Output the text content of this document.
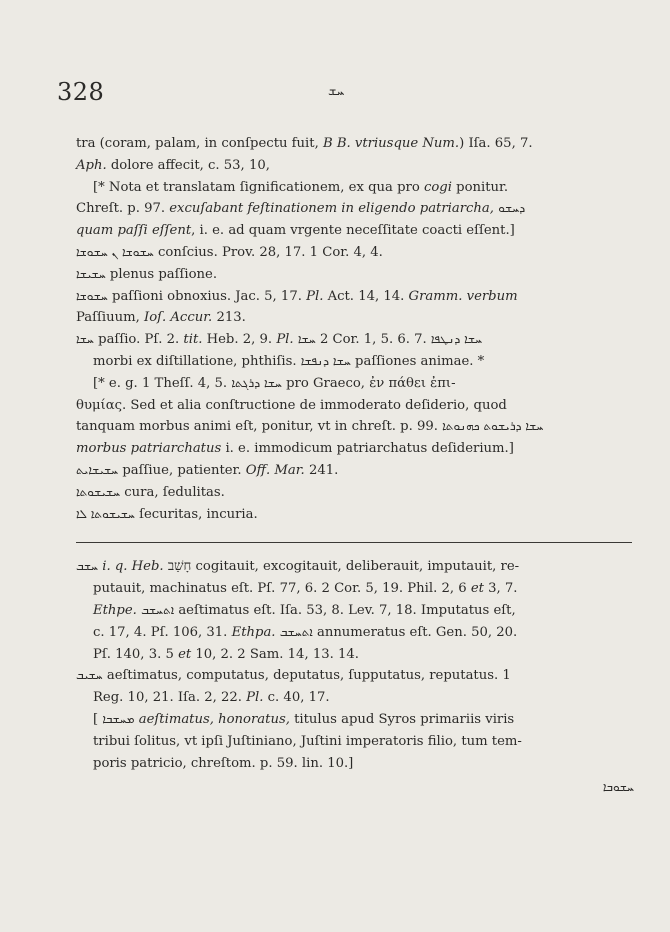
328	ܚܫ

tra (coram, palam, in conſpectu fuit, B B. vtriusque Num.) Iſa. 65, 7.

Aph. dolore affecit, c. 53, 10,

[* Nota et translatam ſignificationem, ex qua pro cogi ponitur.

Chreſt. p. 97. excuſabant feſtinationem in eligendo patriarcha, ܕܚܫܘ

quam paſſi eſſent, i. e. ad quam vrgente neceſſitate coacti eſſent.]

ܚܫܘܫܐ ܢ ܚܫܘܫܐ conſcius. Prov. 28, 17. 1 Cor. 4, 4.

ܚܫܝܫܐ plenus paſſione.

ܚܫܘܫܐ paſſioni obnoxius. Jac. 5, 17. Pl. Act. 14, 14. Gramm. verbum

Paſſiuum, Ioſ. Accur. 213.

ܚܫܐ paſſio. Pſ. 2. tit. Heb. 2, 9. Pl. ܚܫܐ 2 Cor. 1, 5. 6. 7. ܚܫܐ ܕܢܛܦܐ

morbi ex diſtillatione, phthiſis. ܚܫܐ ܕܢܦܫܐ paſſiones animae. *

[* e. g. 1 Theſſ. 4, 5. ܚܫܐ ܕܪܓܬܐ pro Graeco, ἐν πάθει ἐπι-

θυμίας. Sed et alia conſtructione de immoderato deſiderio, quod

tanquam morbus animi eſt, ponitur, vt in chreſt. p. 99. ܚܫܐ ܕܪܝܫܘܬ ܟܗܢܘܬܐ

morbus patriarchatus i. e. immodicum patriarchatus deſiderium.]

ܚܫܝܫܐܝܬ paſſiue, patienter. Off. Mar. 241.

ܚܫܝܫܘܬܐ cura, ſedulitas.

ܚܫܝܫܘܬܐ ܠܐ ſecuritas, incuria.

ܚܫܒ i. q. Heb. חָשַׁב cogitauit, excogitauit, deliberauit, imputauit, re-

putauit, machinatus eſt. Pſ. 77, 6. 2 Cor. 5, 19. Phil. 2, 6 et 3, 7.

Ethpe. ܐܬܚܫܒ aeſtimatus eſt. Iſa. 53, 8. Lev. 7, 18. Imputatus eſt,

c. 17, 4. Pſ. 106, 31. Ethpa. ܐܬܚܫܒ annumeratus eſt. Gen. 50, 20.

Pſ. 140, 3. 5 et 10, 2. 2 Sam. 14, 13. 14.

ܚܫܝܒ aeſtimatus, computatus, deputatus, ſupputatus, reputatus. 1

Reg. 10, 21. Iſa. 2, 22. Pl. c. 40, 17.

[ ܡܚܫܒܐ aeſtimatus, honoratus, titulus apud Syros primariis viris

tribui ſolitus, vt ipſi Juſtiniano, Juſtini imperatoris filio, tum tem-

poris patricio, chreſtom. p. 59. lin. 10.]

ܚܫܘܒܐ
